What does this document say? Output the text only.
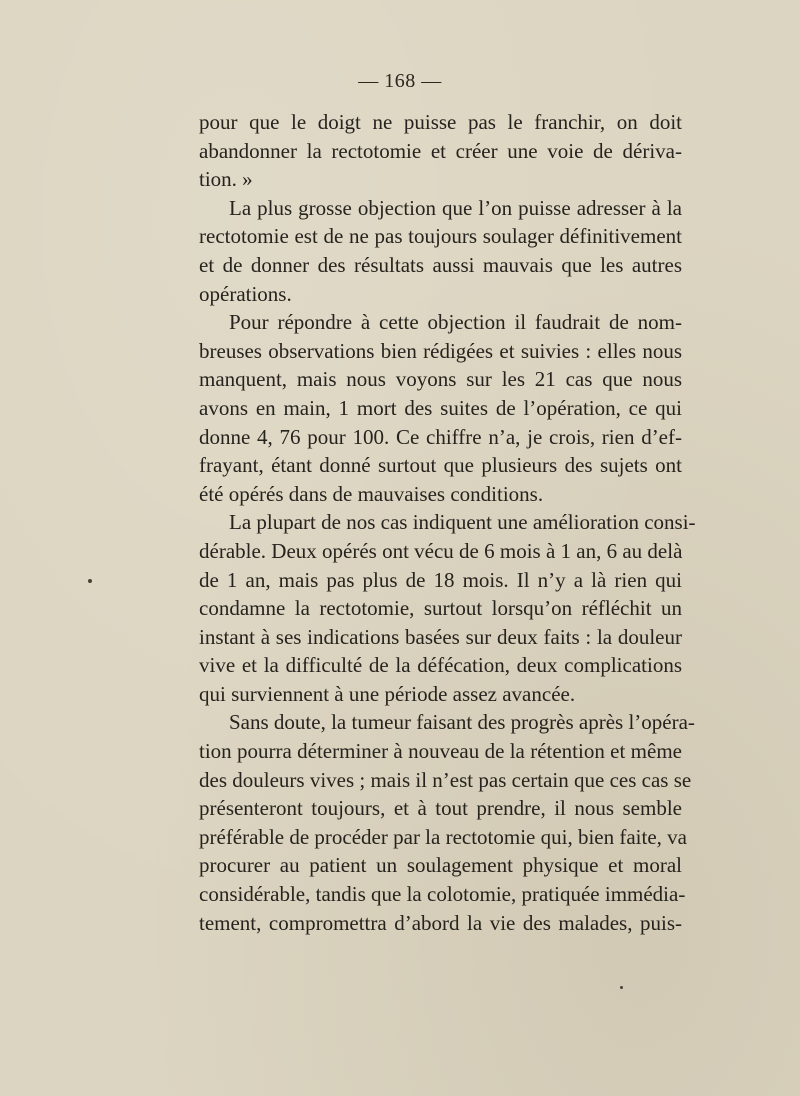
— 168 —
pour que le doigt ne puisse pas le franchir, on doit
abandonner la rectotomie et créer une voie de dériva-
tion. »
La plus grosse objection que l’on puisse adresser à la
rectotomie est de ne pas toujours soulager définitivement
et de donner des résultats aussi mauvais que les autres
opérations.
Pour répondre à cette objection il faudrait de nom-
breuses observations bien rédigées et suivies : elles nous
manquent, mais nous voyons sur les 21 cas que nous
avons en main, 1 mort des suites de l’opération, ce qui
donne 4, 76 pour 100. Ce chiffre n’a, je crois, rien d’ef-
frayant, étant donné surtout que plusieurs des sujets ont
été opérés dans de mauvaises conditions.
La plupart de nos cas indiquent une amélioration consi-
dérable. Deux opérés ont vécu de 6 mois à 1 an, 6 au delà
de 1 an, mais pas plus de 18 mois. Il n’y a là rien qui
condamne la rectotomie, surtout lorsqu’on réfléchit un
instant à ses indications basées sur deux faits : la douleur
vive et la difficulté de la défécation, deux complications
qui surviennent à une période assez avancée.
Sans doute, la tumeur faisant des progrès après l’opéra-
tion pourra déterminer à nouveau de la rétention et même
des douleurs vives ; mais il n’est pas certain que ces cas se
présenteront toujours, et à tout prendre, il nous semble
préférable de procéder par la rectotomie qui, bien faite, va
procurer au patient un soulagement physique et moral
considérable, tandis que la colotomie, pratiquée immédia-
tement, compromettra d’abord la vie des malades, puis-
